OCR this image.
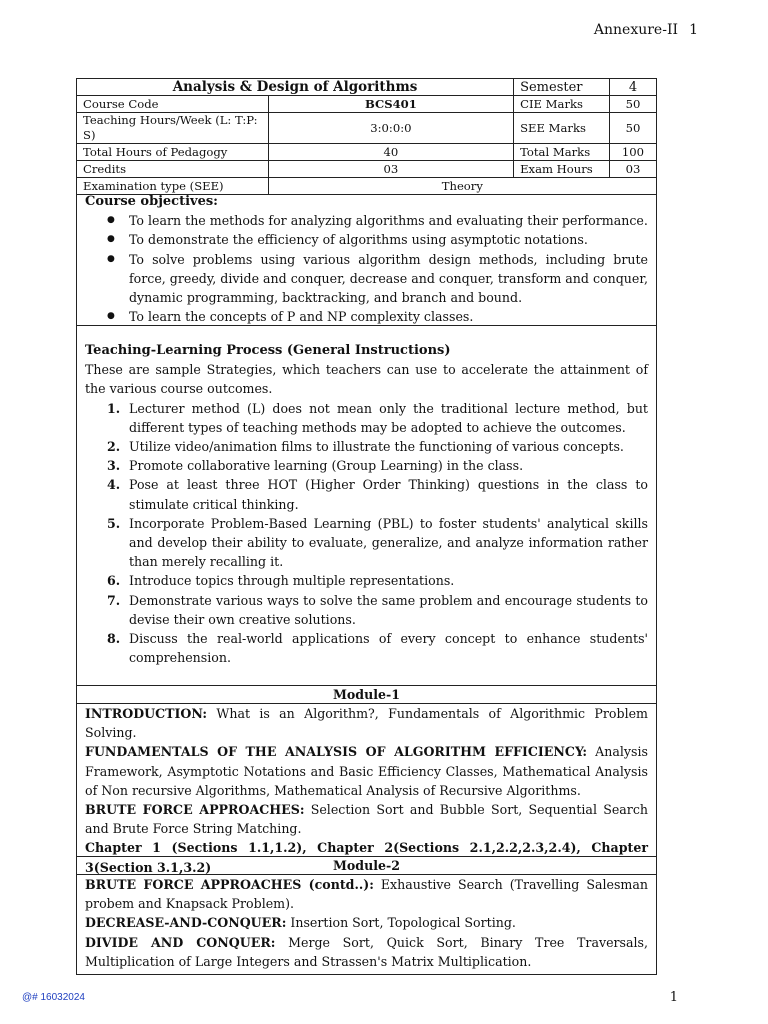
Annexure-II 1
Analysis & Design of Algorithms		Semester	4
Course Code	BCS401	CIE Marks	50
Teaching Hours/Week (L: T:P: S)	3:0:0:0	SEE Marks	50
Total Hours of Pedagogy	40	Total Marks	100
Credits	03	Exam Hours	03
Examination type (SEE)	Theory		
Course objectives:
● To learn the methods for analyzing algorithms and evaluating their performance.
● To demonstrate the efficiency of algorithms using asymptotic notations.
● To solve problems using various algorithm design methods, including brute force, greedy, divide and conquer, decrease and conquer, transform and conquer, dynamic programming, backtracking, and branch and bound.
● To learn the concepts of P and NP complexity classes.
Teaching-Learning Process (General Instructions)

These are sample Strategies, which teachers can use to accelerate the attainment of the various course outcomes.

1. Lecturer method (L) does not mean only the traditional lecture method, but different types of teaching methods may be adopted to achieve the outcomes.
2. Utilize video/animation films to illustrate the functioning of various concepts.
3. Promote collaborative learning (Group Learning) in the class.
4. Pose at least three HOT (Higher Order Thinking) questions in the class to stimulate critical thinking.
5. Incorporate Problem-Based Learning (PBL) to foster students' analytical skills and develop their ability to evaluate, generalize, and analyze information rather than merely recalling it.
6. Introduce topics through multiple representations.
7. Demonstrate various ways to solve the same problem and encourage students to devise their own creative solutions.
8. Discuss the real-world applications of every concept to enhance students' comprehension.
Module-1

INTRODUCTION: What is an Algorithm?, Fundamentals of Algorithmic Problem Solving.

FUNDAMENTALS OF THE ANALYSIS OF ALGORITHM EFFICIENCY: Analysis Framework, Asymptotic Notations and Basic Efficiency Classes, Mathematical Analysis of Non recursive Algorithms, Mathematical Analysis of Recursive Algorithms.

BRUTE FORCE APPROACHES: Selection Sort and Bubble Sort, Sequential Search and Brute Force String Matching.

Chapter 1 (Sections 1.1,1.2), Chapter 2(Sections 2.1,2.2,2.3,2.4), Chapter 3(Section 3.1,3.2)	Module-2

BRUTE FORCE APPROACHES (contd..): Exhaustive Search (Travelling Salesman probem and Knapsack Problem).

DECREASE-AND-CONQUER: Insertion Sort, Topological Sorting.

DIVIDE AND CONQUER: Merge Sort, Quick Sort, Binary Tree Traversals, Multiplication of Large Integers and Strassen's Matrix Multiplication.

@# 16032024	1
